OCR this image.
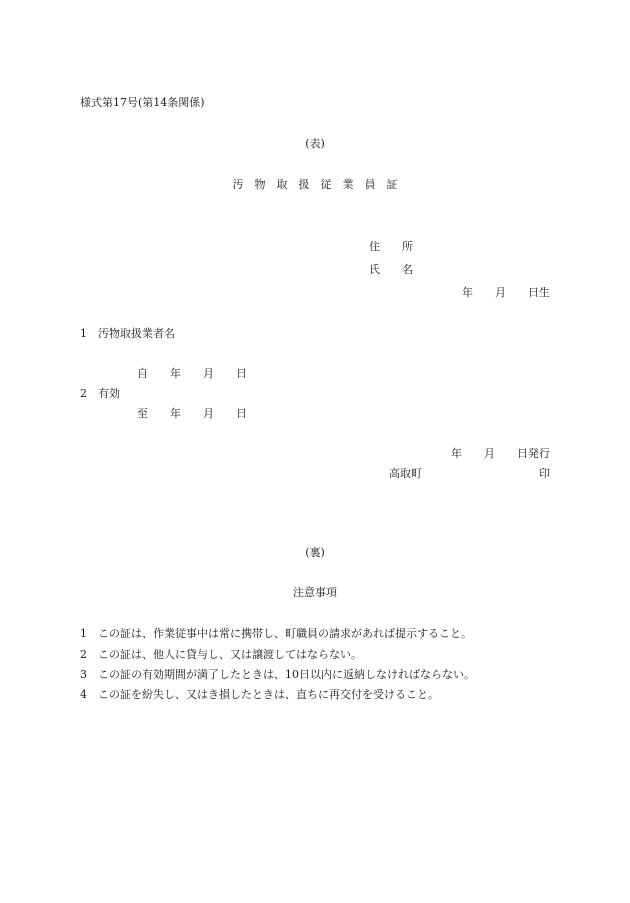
様式第17号(第14条関係)
(表)
汚　物　取　扱　従　業　員　証
住　　所
氏　　名
年　　月　　日生
1　汚物取扱業者名
自　　年　　月　　日
2　有効
至　　年　　月　　日
年　　月　　日発行
高取町	印
(裏)
注意事項
1　この証は、作業従事中は常に携帯し、町職員の請求があれば提示すること。
2　この証は、他人に貸与し、又は譲渡してはならない。
3　この証の有効期間が満了したときは、10日以内に返納しなければならない。
4　この証を紛失し、又はき損したときは、直ちに再交付を受けること。
